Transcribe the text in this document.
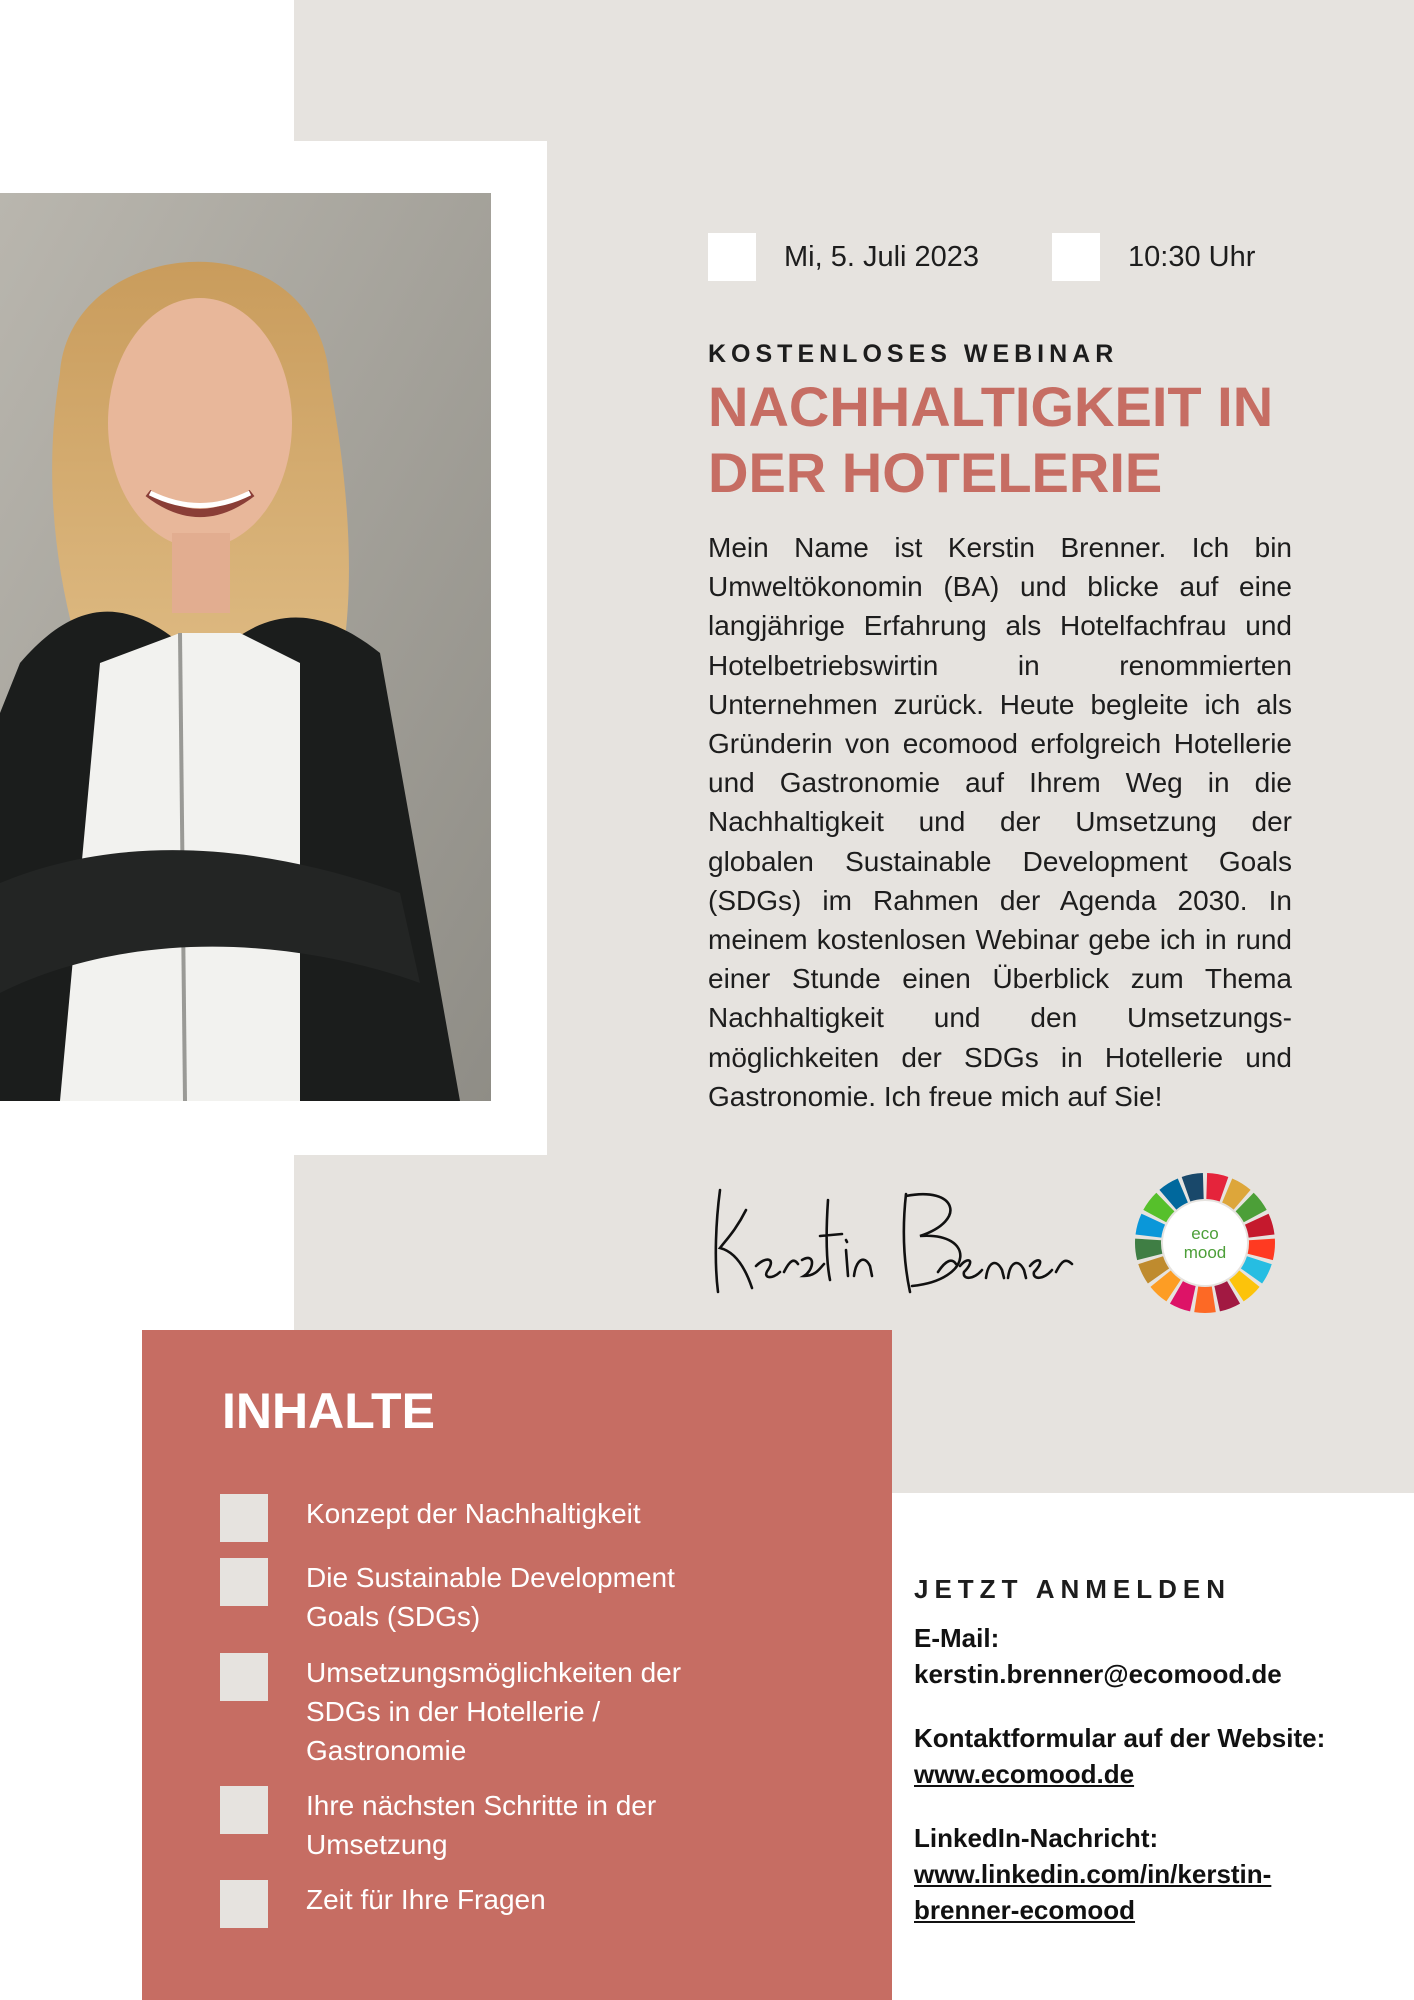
Mi, 5. Juli 2023	10:30 Uhr
KOSTENLOSES WEBINAR
NACHHALTIGKEIT IN
DER HOTELERIE

Mein Name ist Kerstin Brenner. Ich bin Umweltökonomin (BA) und blicke auf eine langjährige Erfahrung als Hotelfachfrau und Hotelbetriebswirtin in renommierten Unternehmen zurück. Heute begleite ich als Gründerin von ecomood erfolgreich Hotellerie und Gastronomie auf Ihrem Weg in die Nachhaltigkeit und der Umsetzung der globalen Sustainable Development Goals (SDGs) im Rahmen der Agenda 2030. In meinem kostenlosen Webinar gebe ich in rund einer Stunde einen Überblick zum Thema Nachhaltigkeit und den Umsetzungs-möglichkeiten der SDGs in Hotellerie und Gastronomie. Ich freue mich auf Sie!

eco
mood
INHALTE
Konzept der Nachhaltigkeit
Die Sustainable Development Goals (SDGs)
Umsetzungsmöglichkeiten der SDGs in der Hotellerie / Gastronomie
Ihre nächsten Schritte in der Umsetzung
Zeit für Ihre Fragen
JETZT ANMELDEN
E-Mail:
kerstin.brenner@ecomood.de
Kontaktformular auf der Website:
www.ecomood.de
LinkedIn-Nachricht:
www.linkedin.com/in/kerstin-
brenner-ecomood
